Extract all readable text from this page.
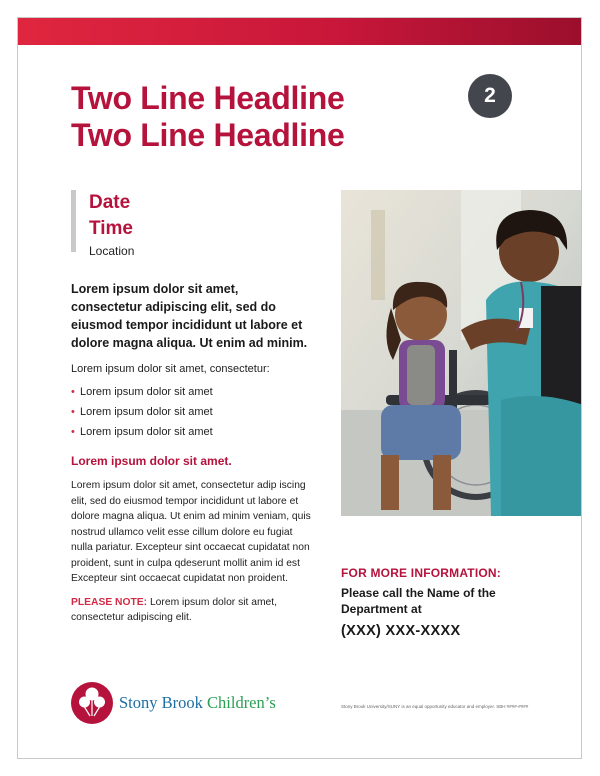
Two Line Headline
Two Line Headline
2
Date
Time
Location

Lorem ipsum dolor sit amet, consectetur adipiscing elit, sed do eiusmod tempor incididunt ut labore et dolore magna aliqua. Ut enim ad minim.

Lorem ipsum dolor sit amet, consectetur:

• Lorem ipsum dolor sit amet
• Lorem ipsum dolor sit amet
• Lorem ipsum dolor sit amet

Lorem ipsum dolor sit amet.

Lorem ipsum dolor sit amet, consectetur adip iscing elit, sed do eiusmod tempor incididunt ut labore et dolore magna aliqua. Ut enim ad minim veniam, quis nostrud ullamco velit esse cillum dolore eu fugiat nulla pariatur. Excepteur sint occaecat cupidatat non proident, sunt in culpa qdeserunt mollit anim id est Excepteur sint occaecat cupidatat non proident.

PLEASE NOTE: Lorem ipsum dolor sit amet, consectetur adipiscing elit.

FOR MORE INFORMATION:
Please call the Name of the Department at
(XXX) XXX-XXXX
Stony Brook Children’s	Stony Brook University/SUNY is an equal opportunity educator and employer. SBH ####-####
